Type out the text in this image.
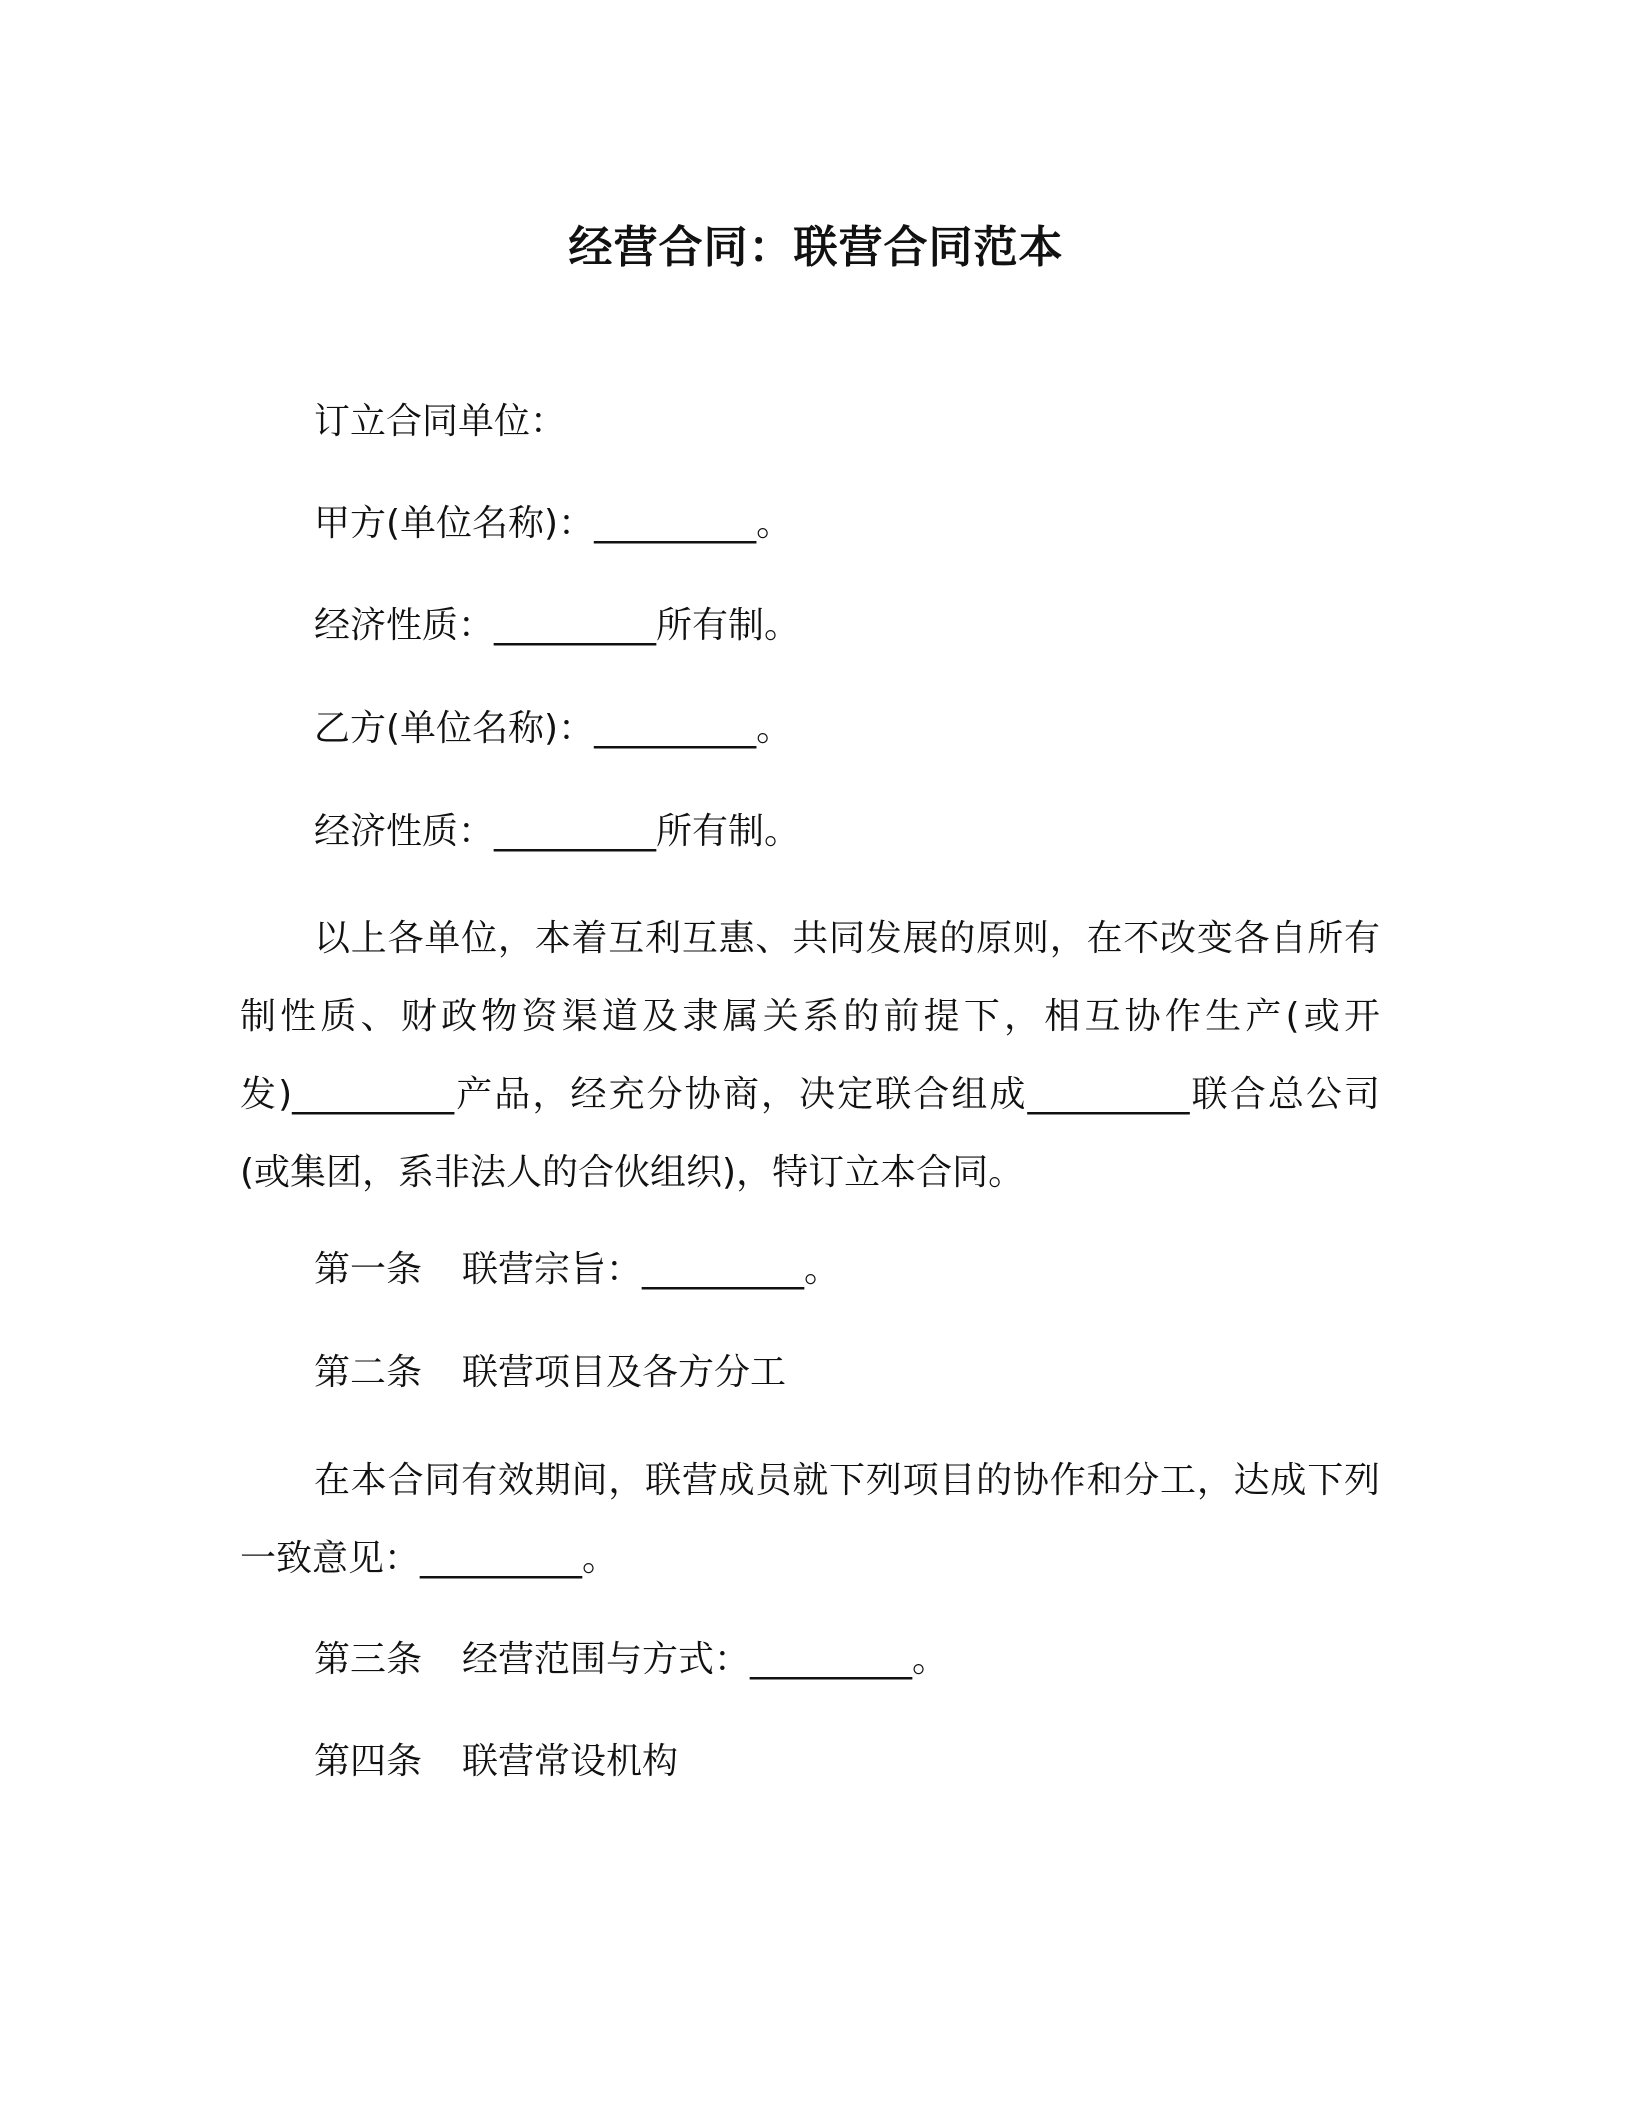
经营合同：联营合同范本
订立合同单位：
甲方(单位名称)：_________。
经济性质：_________所有制。
乙方(单位名称)：_________。
经济性质：_________所有制。
以上各单位，本着互利互惠、共同发展的原则，在不改变各自所有制性质、财政物资渠道及隶属关系的前提下，相互协作生产(或开发)_________产品，经充分协商，决定联合组成_________联合总公司(或集团，系非法人的合伙组织)，特订立本合同。
第一条 联营宗旨：_________。
第二条 联营项目及各方分工
在本合同有效期间，联营成员就下列项目的协作和分工，达成下列一致意见：_________。
第三条 经营范围与方式：_________。
第四条 联营常设机构
